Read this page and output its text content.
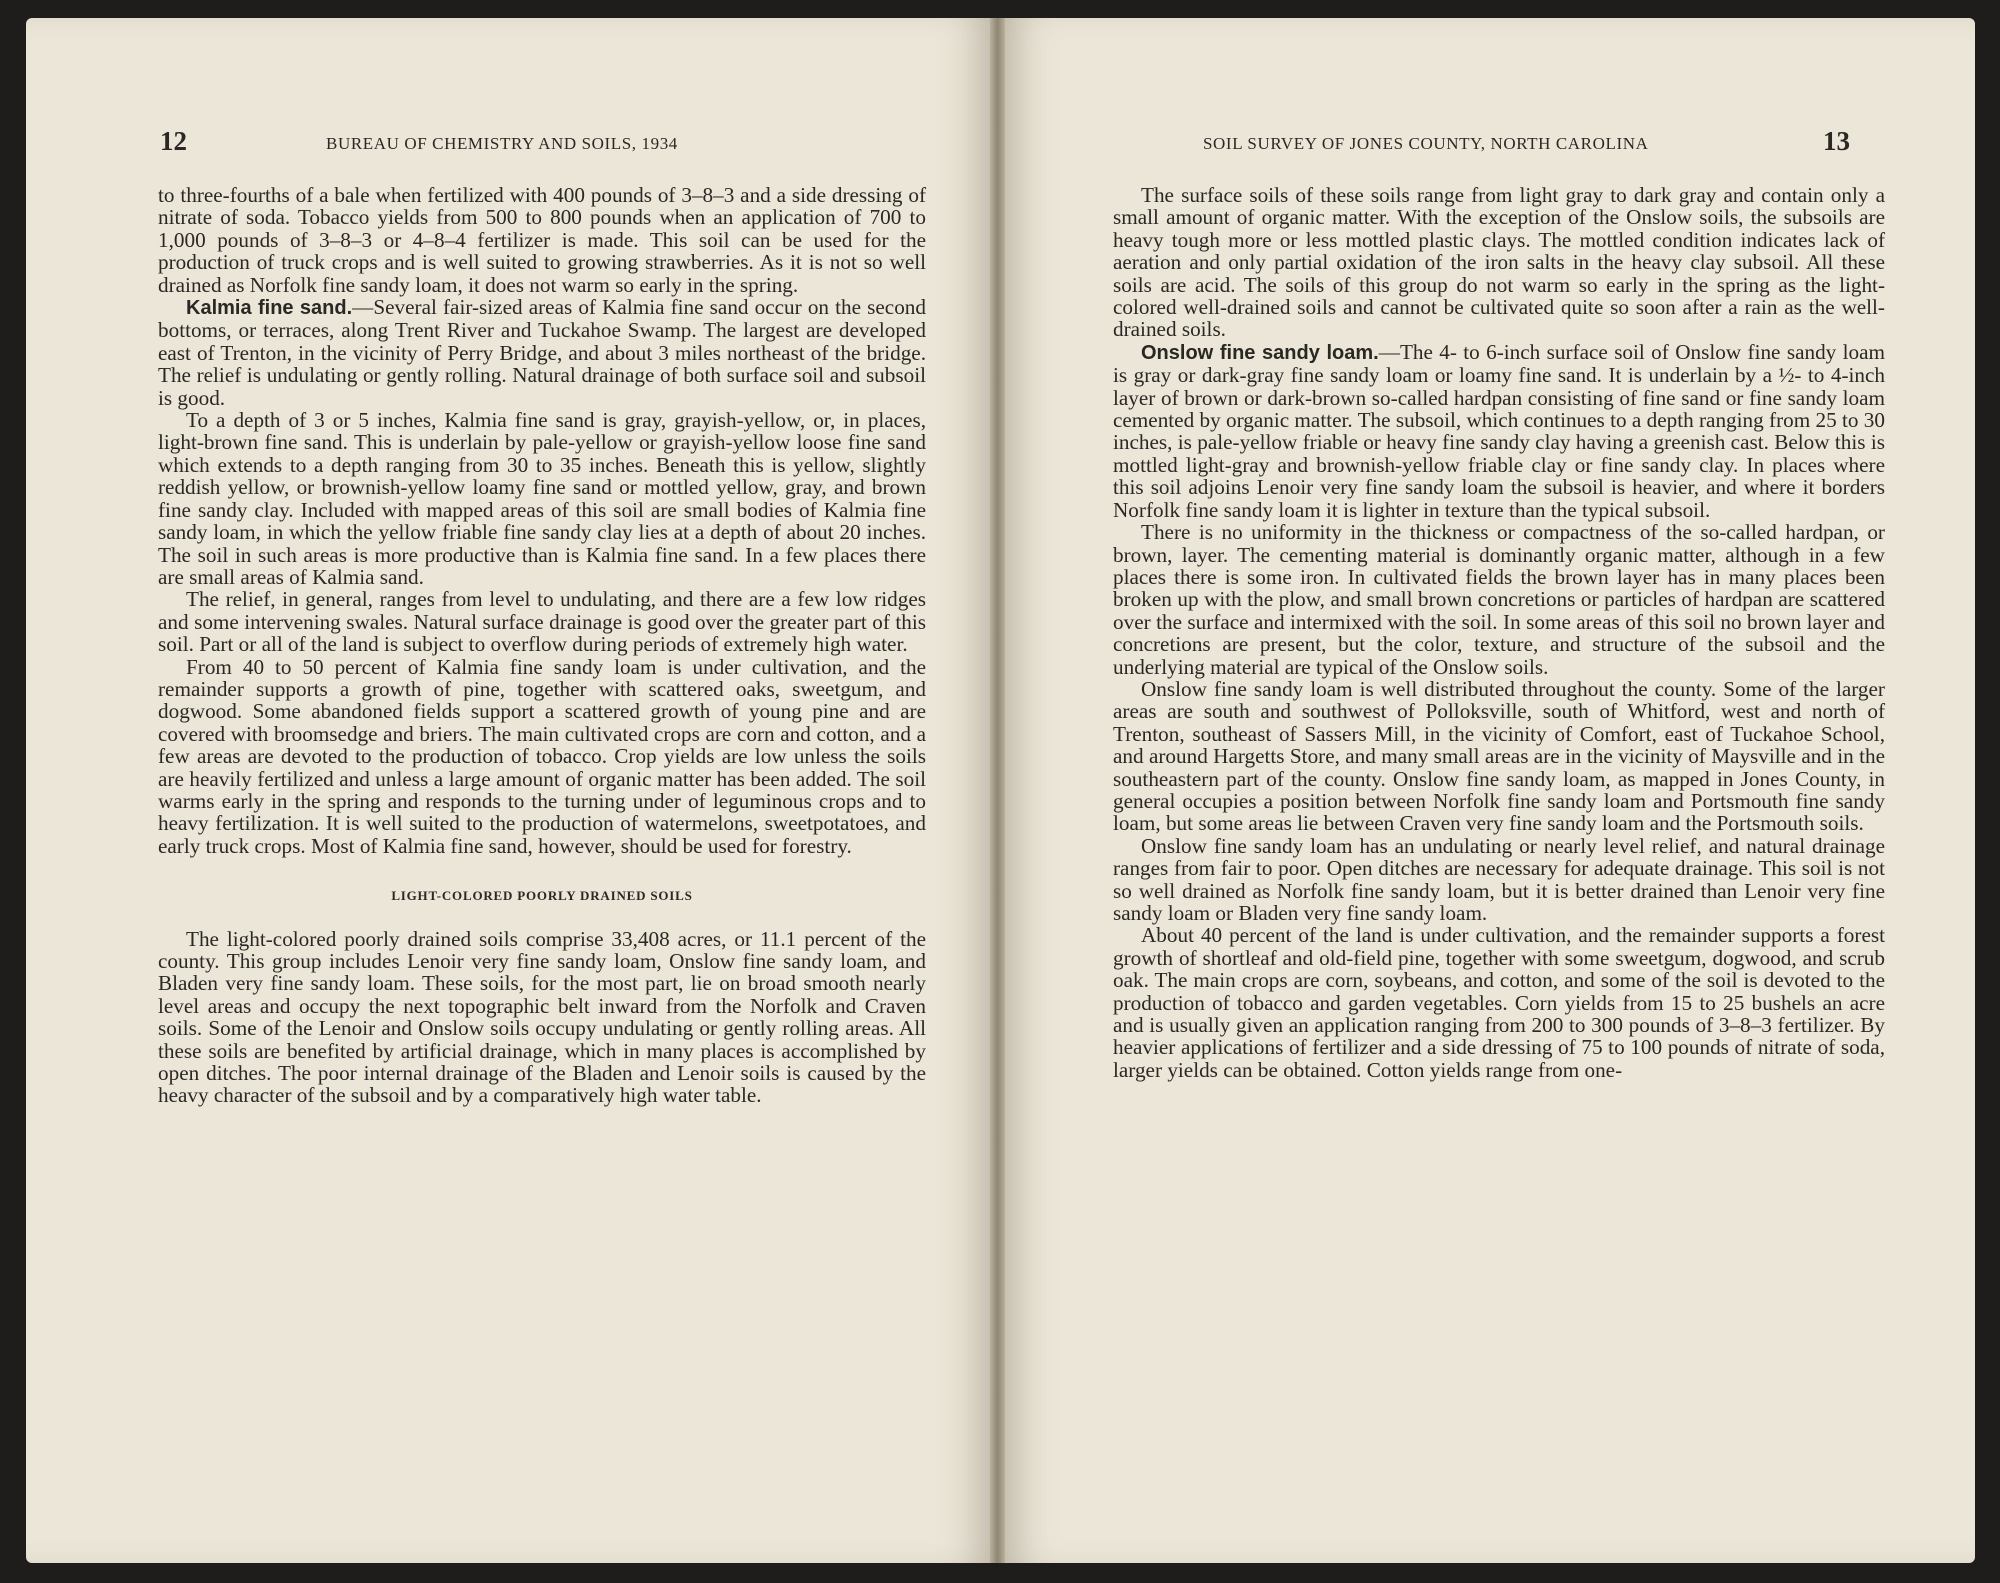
12	BUREAU OF CHEMISTRY AND SOILS, 1934

to three-fourths of a bale when fertilized with 400 pounds of 3–8–3 and a side dressing of nitrate of soda. Tobacco yields from 500 to 800 pounds when an application of 700 to 1,000 pounds of 3–8–3 or 4–8–4 fertilizer is made. This soil can be used for the production of truck crops and is well suited to growing strawberries. As it is not so well drained as Norfolk fine sandy loam, it does not warm so early in the spring.

Kalmia fine sand.—Several fair-sized areas of Kalmia fine sand occur on the second bottoms, or terraces, along Trent River and Tuckahoe Swamp. The largest are developed east of Trenton, in the vicinity of Perry Bridge, and about 3 miles northeast of the bridge. The relief is undulating or gently rolling. Natural drainage of both surface soil and subsoil is good.

To a depth of 3 or 5 inches, Kalmia fine sand is gray, grayish-yellow, or, in places, light-brown fine sand. This is underlain by pale-yellow or grayish-yellow loose fine sand which extends to a depth ranging from 30 to 35 inches. Beneath this is yellow, slightly reddish yellow, or brownish-yellow loamy fine sand or mottled yellow, gray, and brown fine sandy clay. Included with mapped areas of this soil are small bodies of Kalmia fine sandy loam, in which the yellow friable fine sandy clay lies at a depth of about 20 inches. The soil in such areas is more productive than is Kalmia fine sand. In a few places there are small areas of Kalmia sand.

The relief, in general, ranges from level to undulating, and there are a few low ridges and some intervening swales. Natural surface drainage is good over the greater part of this soil. Part or all of the land is subject to overflow during periods of extremely high water.

From 40 to 50 percent of Kalmia fine sandy loam is under cultivation, and the remainder supports a growth of pine, together with scattered oaks, sweetgum, and dogwood. Some abandoned fields support a scattered growth of young pine and are covered with broomsedge and briers. The main cultivated crops are corn and cotton, and a few areas are devoted to the production of tobacco. Crop yields are low unless the soils are heavily fertilized and unless a large amount of organic matter has been added. The soil warms early in the spring and responds to the turning under of leguminous crops and to heavy fertilization. It is well suited to the production of watermelons, sweetpotatoes, and early truck crops. Most of Kalmia fine sand, however, should be used for forestry.

LIGHT-COLORED POORLY DRAINED SOILS

The light-colored poorly drained soils comprise 33,408 acres, or 11.1 percent of the county. This group includes Lenoir very fine sandy loam, Onslow fine sandy loam, and Bladen very fine sandy loam. These soils, for the most part, lie on broad smooth nearly level areas and occupy the next topographic belt inward from the Norfolk and Craven soils. Some of the Lenoir and Onslow soils occupy undulating or gently rolling areas. All these soils are benefited by artificial drainage, which in many places is accomplished by open ditches. The poor internal drainage of the Bladen and Lenoir soils is caused by the heavy character of the subsoil and by a comparatively high water table.

SOIL SURVEY OF JONES COUNTY, NORTH CAROLINA	13

The surface soils of these soils range from light gray to dark gray and contain only a small amount of organic matter. With the exception of the Onslow soils, the subsoils are heavy tough more or less mottled plastic clays. The mottled condition indicates lack of aeration and only partial oxidation of the iron salts in the heavy clay subsoil. All these soils are acid. The soils of this group do not warm so early in the spring as the light-colored well-drained soils and cannot be cultivated quite so soon after a rain as the well-drained soils.

Onslow fine sandy loam.—The 4- to 6-inch surface soil of Onslow fine sandy loam is gray or dark-gray fine sandy loam or loamy fine sand. It is underlain by a ½- to 4-inch layer of brown or dark-brown so-called hardpan consisting of fine sand or fine sandy loam cemented by organic matter. The subsoil, which continues to a depth ranging from 25 to 30 inches, is pale-yellow friable or heavy fine sandy clay having a greenish cast. Below this is mottled light-gray and brownish-yellow friable clay or fine sandy clay. In places where this soil adjoins Lenoir very fine sandy loam the subsoil is heavier, and where it borders Norfolk fine sandy loam it is lighter in texture than the typical subsoil.

There is no uniformity in the thickness or compactness of the so-called hardpan, or brown, layer. The cementing material is dominantly organic matter, although in a few places there is some iron. In cultivated fields the brown layer has in many places been broken up with the plow, and small brown concretions or particles of hardpan are scattered over the surface and intermixed with the soil. In some areas of this soil no brown layer and concretions are present, but the color, texture, and structure of the subsoil and the underlying material are typical of the Onslow soils.

Onslow fine sandy loam is well distributed throughout the county. Some of the larger areas are south and southwest of Polloksville, south of Whitford, west and north of Trenton, southeast of Sassers Mill, in the vicinity of Comfort, east of Tuckahoe School, and around Hargetts Store, and many small areas are in the vicinity of Maysville and in the southeastern part of the county. Onslow fine sandy loam, as mapped in Jones County, in general occupies a position between Norfolk fine sandy loam and Portsmouth fine sandy loam, but some areas lie between Craven very fine sandy loam and the Portsmouth soils.

Onslow fine sandy loam has an undulating or nearly level relief, and natural drainage ranges from fair to poor. Open ditches are necessary for adequate drainage. This soil is not so well drained as Norfolk fine sandy loam, but it is better drained than Lenoir very fine sandy loam or Bladen very fine sandy loam.

About 40 percent of the land is under cultivation, and the remainder supports a forest growth of shortleaf and old-field pine, together with some sweetgum, dogwood, and scrub oak. The main crops are corn, soybeans, and cotton, and some of the soil is devoted to the production of tobacco and garden vegetables. Corn yields from 15 to 25 bushels an acre and is usually given an application ranging from 200 to 300 pounds of 3–8–3 fertilizer. By heavier applications of fertilizer and a side dressing of 75 to 100 pounds of nitrate of soda, larger yields can be obtained. Cotton yields range from one-
